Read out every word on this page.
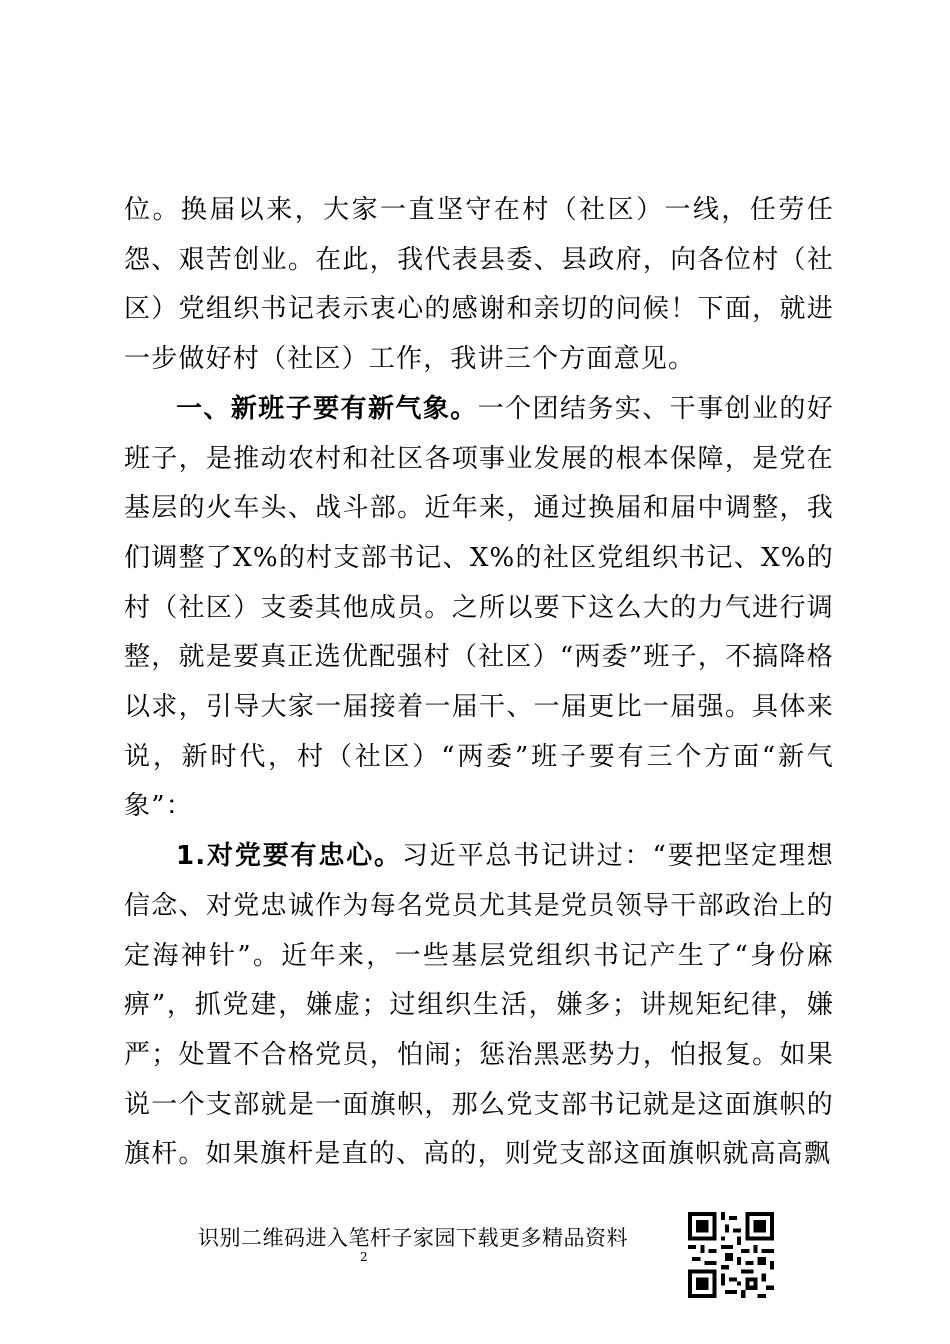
位。换届以来，大家一直坚守在村（社区）一线，任劳任怨、艰苦创业。在此，我代表县委、县政府，向各位村（社区）党组织书记表示衷心的感谢和亲切的问候！下面，就进一步做好村（社区）工作，我讲三个方面意见。

一、新班子要有新气象。一个团结务实、干事创业的好班子，是推动农村和社区各项事业发展的根本保障，是党在基层的火车头、战斗部。近年来，通过换届和届中调整，我们调整了X%的村支部书记、X%的社区党组织书记、X%的村（社区）支委其他成员。之所以要下这么大的力气进行调整，就是要真正选优配强村（社区）“两委”班子，不搞降格以求，引导大家一届接着一届干、一届更比一届强。具体来说，新时代，村（社区）“两委”班子要有三个方面“新气象”：

1.对党要有忠心。习近平总书记讲过：“要把坚定理想信念、对党忠诚作为每名党员尤其是党员领导干部政治上的定海神针”。近年来，一些基层党组织书记产生了“身份麻痹”，抓党建，嫌虚；过组织生活，嫌多；讲规矩纪律，嫌严；处置不合格党员，怕闹；惩治黑恶势力，怕报复。如果说一个支部就是一面旗帜，那么党支部书记就是这面旗帜的旗杆。如果旗杆是直的、高的，则党支部这面旗帜就高高飘

识别二维码进入笔杆子家园下载更多精品资料
2
